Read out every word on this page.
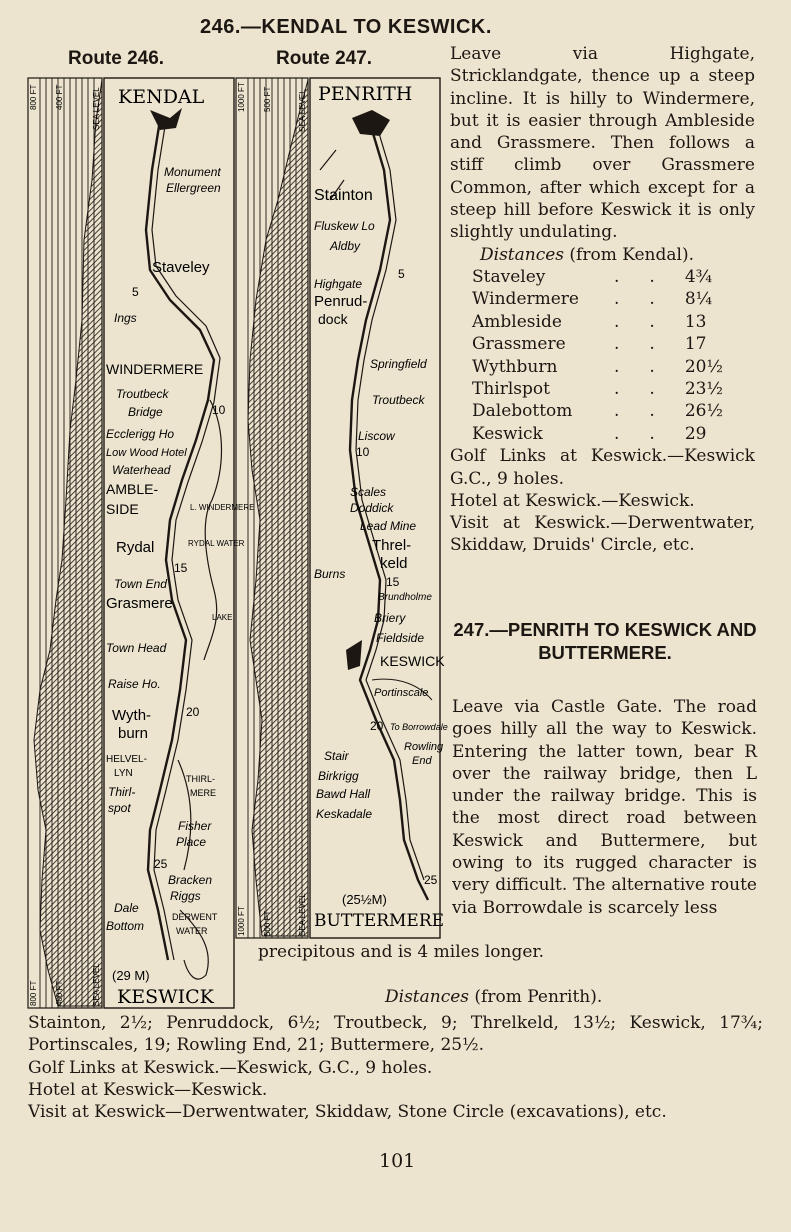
246.—KENDAL TO KESWICK.
Route 246.	Route 247.
800 FT 400 FT	SEA LEVEL
800 FT 400 FT	SEA LEVEL
KENDAL
KESWICK
(29 M)
Monument
Ellergreen
Staveley
Ings
WINDERMERE
Troutbeck
Bridge
Ecclerigg Ho
Low Wood Hotel
Waterhead
AMBLE-
SIDE	L. WINDERMERE
RYDAL WATER
Rydal
Town End
Grasmere
LAKE
Town Head
Raise Ho.
Wyth-
burn
HELVEL-
LYN
Thirl-
spot
THIRL-
MERE
Fisher
Place
Bracken
Riggs
Dale
Bottom
DERWENT
WATER
5
10
15
20
25
1000 FT 500 FT	SEA LEVEL
1000 FT 500 FT	SEA LEVEL
PENRITH
BUTTERMERE
(25½M)
Stainton
Fluskew Lo
Aldby
Highgate
Penrud-
dock
Springfield
Troutbeck
Liscow
Scales
Doddick
Lead Mine
Threl-
keld
Burns
Brundholme
Briery
Fieldside
KESWICK
Portinscale
To Borrowdale
Rowling
End
Stair
Birkrigg
Bawd Hall
Keskadale
5
10
15
20
25
Leave via Highgate, Stricklandgate, thence up a steep incline. It is hilly to Windermere, but it is easier through Ambleside and Grassmere. Then follows a stiff climb over Grassmere Common, after which except for a steep hill before Keswick it is only slightly undulating.
Distances (from Kendal).
Staveley	..	4¾
Windermere	..	8¼
Ambleside	..	13
Grassmere	..	17
Wythburn	..	20½
Thirlspot	..	23½
Dalebottom	..	26½
Keswick	..	29
Golf Links at Keswick.—Keswick G.C., 9 holes.
Hotel at Keswick.—Keswick.
Visit at Keswick.—Derwentwater, Skiddaw, Druids' Circle, etc.
247.—PENRITH TO KESWICK AND BUTTERMERE.
Leave via Castle Gate. The road goes hilly all the way to Keswick. Entering the latter town, bear R over the railway bridge, then L under the railway bridge. This is the most direct road between Keswick and Buttermere, but owing to its rugged character is very difficult. The alternative route via Borrowdale is scarcely less
precipitous and is 4 miles longer.
Distances (from Penrith).

Stainton, 2½; Penruddock, 6½; Troutbeck, 9; Threlkeld, 13½; Keswick, 17¾; Portinscales, 19; Rowling End, 21; Buttermere, 25½.

Golf Links at Keswick.—Keswick, G.C., 9 holes.

Hotel at Keswick—Keswick.

Visit at Keswick—Derwentwater, Skiddaw, Stone Circle (excavations), etc.

101
